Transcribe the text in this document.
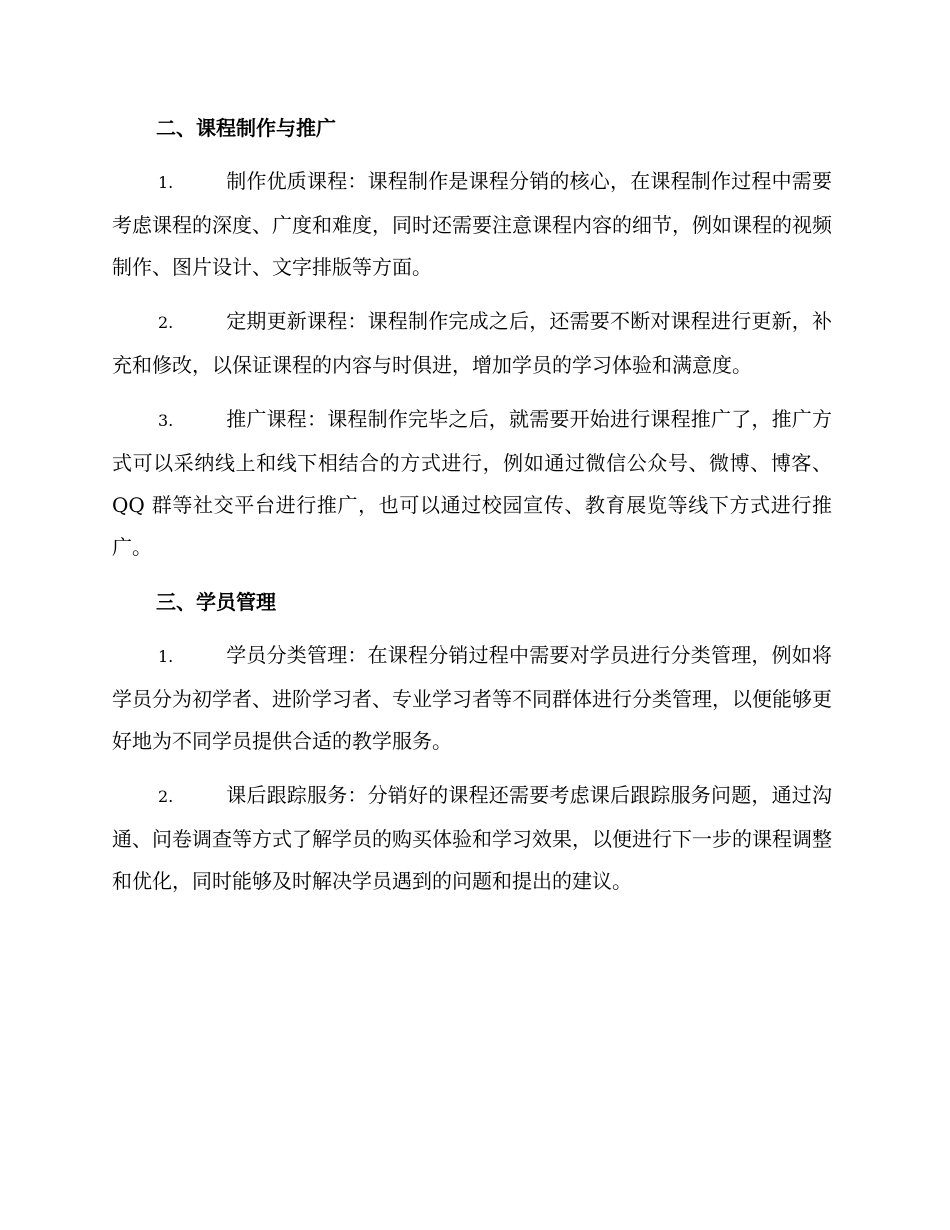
二、课程制作与推广

1.	制作优质课程：课程制作是课程分销的核心，在课程制作过程中需要考虑课程的深度、广度和难度，同时还需要注意课程内容的细节，例如课程的视频制作、图片设计、文字排版等方面。

2.	定期更新课程：课程制作完成之后，还需要不断对课程进行更新，补充和修改，以保证课程的内容与时俱进，增加学员的学习体验和满意度。

3.	推广课程：课程制作完毕之后，就需要开始进行课程推广了，推广方式可以采纳线上和线下相结合的方式进行，例如通过微信公众号、微博、博客、 QQ 群等社交平台进行推广，也可以通过校园宣传、教育展览等线下方式进行推广。

三、学员管理

1.	学员分类管理：在课程分销过程中需要对学员进行分类管理，例如将学员分为初学者、进阶学习者、专业学习者等不同群体进行分类管理，以便能够更好地为不同学员提供合适的教学服务。

2.	课后跟踪服务：分销好的课程还需要考虑课后跟踪服务问题，通过沟通、问卷调查等方式了解学员的购买体验和学习效果，以便进行下一步的课程调整和优化，同时能够及时解决学员遇到的问题和提出的建议。
